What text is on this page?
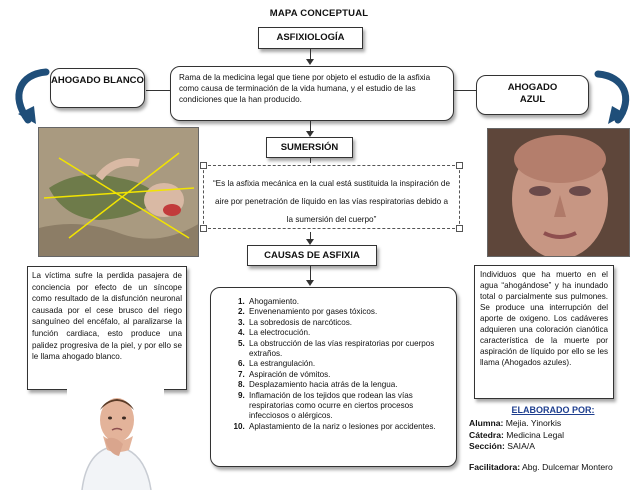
MAPA CONCEPTUAL
ASFIXIOLOGÍA
Rama de la medicina legal que tiene por objeto el estudio de la asfixia como causa de terminación de la vida humana, y el estudio de las condiciones que la han producido.
AHOGADO BLANCO
AHOGADO AZUL
SUMERSIÓN
“Es la asfixia mecánica en la cual está sustituida la inspiración de aire por penetración de líquido en las vías respiratorias debido a la sumersión del cuerpo”
CAUSAS DE ASFIXIA
1. Ahogamiento.
2. Envenenamiento por gases tóxicos.
3. La sobredosis de narcóticos.
4. La electrocución.
5. La obstrucción de las vías respiratorias por cuerpos extraños.
6. La estrangulación.
7. Aspiración de vómitos.
8. Desplazamiento hacia atrás de la lengua.
9. Inflamación de los tejidos que rodean las vías respiratorias como ocurre en ciertos procesos infecciosos o alérgicos.
10. Aplastamiento de la nariz o lesiones por accidentes.
La víctima sufre la perdida pasajera de conciencia por efecto de un síncope como resultado de la disfunción neuronal causada por el cese brusco del riego sanguíneo del encéfalo, al paralizarse la función cardiaca, esto produce una palidez progresiva de la piel, y por ello se le llama ahogado blanco.
Individuos que ha muerto en el agua “ahogándose” y ha inundado total o parcialmente sus pulmones. Se produce una interrupción del aporte de oxigeno. Los cadáveres adquieren una coloración cianótica característica de la muerte por aspiración de líquido por ello se les llama (Ahogados azules).
ELABORADO POR:
Alumna: Mejia. Yinorkis
Cátedra: Medicina Legal
Sección: SAIA/A
Facilitadora: Abg. Dulcemar Montero
